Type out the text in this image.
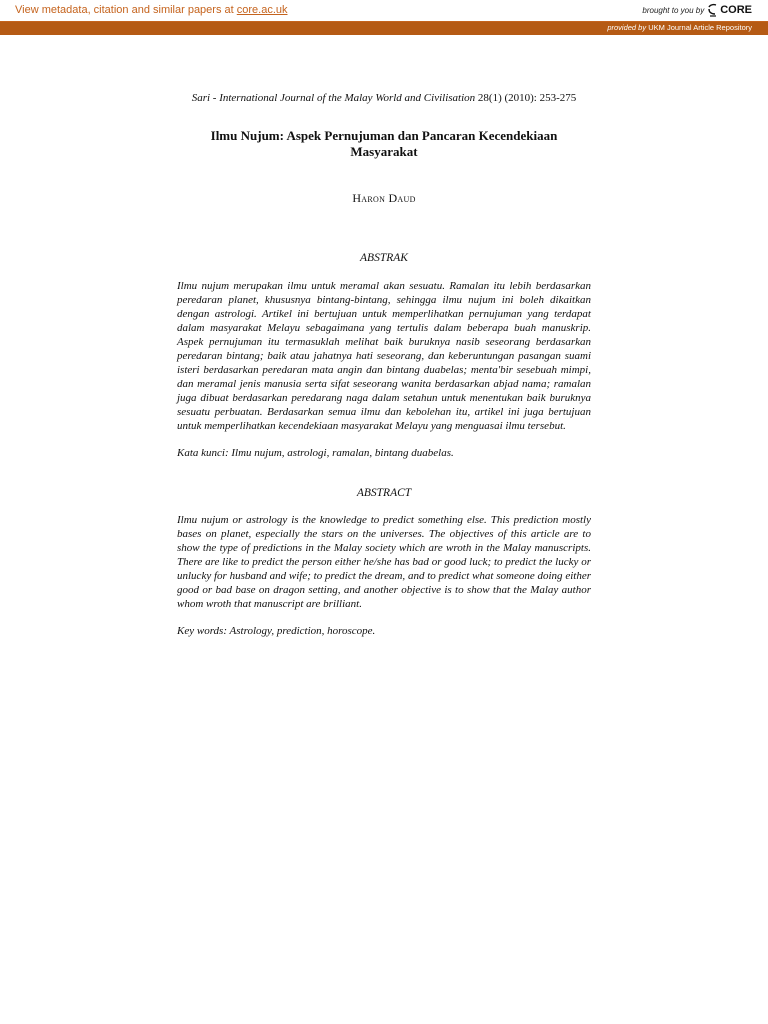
View metadata, citation and similar papers at core.ac.uk	brought to you by CORE
provided by UKM Journal Article Repository

Sari - International Journal of the Malay World and Civilisation 28(1) (2010): 253-275

Ilmu Nujum: Aspek Pernujuman dan Pancaran Kecendekiaan
Masyarakat

Haron Daud

ABSTRAK

Ilmu nujum merupakan ilmu untuk meramal akan sesuatu. Ramalan itu lebih berdasarkan peredaran planet, khususnya bintang-bintang, sehingga ilmu nujum ini boleh dikaitkan dengan astrologi. Artikel ini bertujuan untuk memperlihatkan pernujuman yang terdapat dalam masyarakat Melayu sebagaimana yang tertulis dalam beberapa buah manuskrip. Aspek pernujuman itu termasuklah melihat baik buruknya nasib seseorang berdasarkan peredaran bintang; baik atau jahatnya hati seseorang, dan keberuntungan pasangan suami isteri berdasarkan peredaran mata angin dan bintang duabelas; menta'bir sesebuah mimpi, dan meramal jenis manusia serta sifat seseorang wanita berdasarkan abjad nama; ramalan juga dibuat berdasarkan peredarang naga dalam setahun untuk menentukan baik buruknya sesuatu perbuatan. Berdasarkan semua ilmu dan kebolehan itu, artikel ini juga bertujuan untuk memperlihatkan kecendekiaan masyarakat Melayu yang menguasai ilmu tersebut.

Kata kunci: Ilmu nujum, astrologi, ramalan, bintang duabelas.

ABSTRACT

Ilmu nujum or astrology is the knowledge to predict something else. This prediction mostly bases on planet, especially the stars on the universes. The objectives of this article are to show the type of predictions in the Malay society which are wroth in the Malay manuscripts. There are like to predict the person either he/she has bad or good luck; to predict the lucky or unlucky for husband and wife; to predict the dream, and to predict what someone doing either good or bad base on dragon setting, and another objective is to show that the Malay author whom wroth that manuscript are brilliant.

Key words: Astrology, prediction, horoscope.
